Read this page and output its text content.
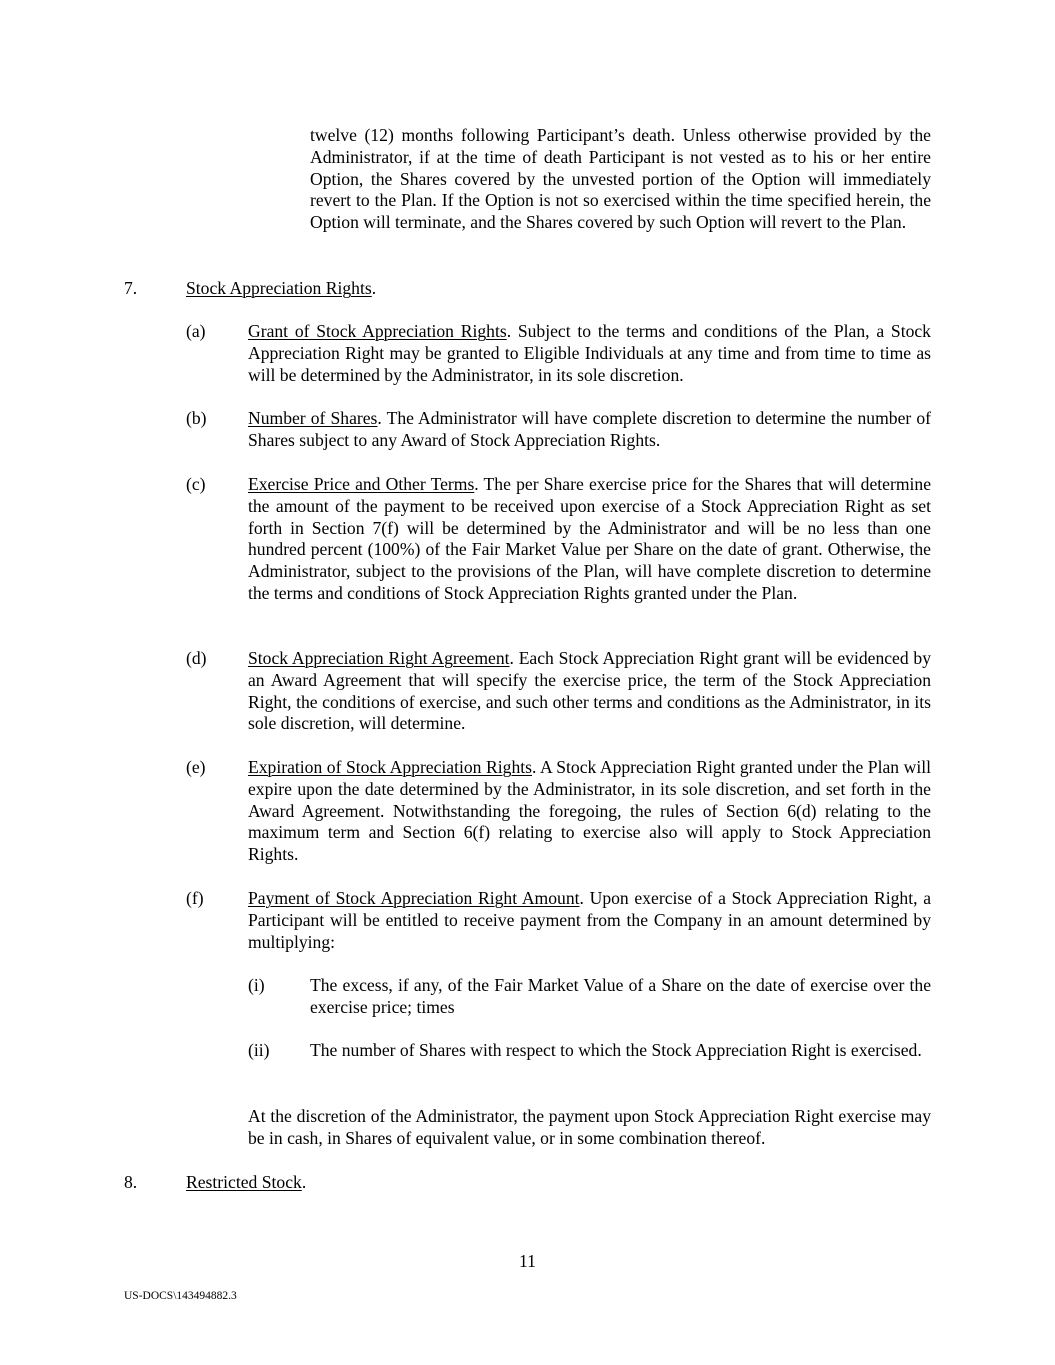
twelve (12) months following Participant’s death. Unless otherwise provided by the Administrator, if at the time of death Participant is not vested as to his or her entire Option, the Shares covered by the unvested portion of the Option will immediately revert to the Plan. If the Option is not so exercised within the time specified herein, the Option will terminate, and the Shares covered by such Option will revert to the Plan.

7.	Stock Appreciation Rights.
(a) Grant of Stock Appreciation Rights. Subject to the terms and conditions of the Plan, a Stock Appreciation Right may be granted to Eligible Individuals at any time and from time to time as will be determined by the Administrator, in its sole discretion.

(b) Number of Shares. The Administrator will have complete discretion to determine the number of Shares subject to any Award of Stock Appreciation Rights.

(c) Exercise Price and Other Terms. The per Share exercise price for the Shares that will determine the amount of the payment to be received upon exercise of a Stock Appreciation Right as set forth in Section 7(f) will be determined by the Administrator and will be no less than one hundred percent (100%) of the Fair Market Value per Share on the date of grant. Otherwise, the Administrator, subject to the provisions of the Plan, will have complete discretion to determine the terms and conditions of Stock Appreciation Rights granted under the Plan.

(d) Stock Appreciation Right Agreement. Each Stock Appreciation Right grant will be evidenced by an Award Agreement that will specify the exercise price, the term of the Stock Appreciation Right, the conditions of exercise, and such other terms and conditions as the Administrator, in its sole discretion, will determine.

(e) Expiration of Stock Appreciation Rights. A Stock Appreciation Right granted under the Plan will expire upon the date determined by the Administrator, in its sole discretion, and set forth in the Award Agreement. Notwithstanding the foregoing, the rules of Section 6(d) relating to the maximum term and Section 6(f) relating to exercise also will apply to Stock Appreciation Rights.

(f)	Payment of Stock Appreciation Right Amount. Upon exercise of a Stock Appreciation Right, a Participant will be entitled to receive payment from the Company in an amount determined by multiplying:

(i)	The excess, if any, of the Fair Market Value of a Share on the date of exercise over the exercise price; times

(ii) The number of Shares with respect to which the Stock Appreciation Right is exercised.

At the discretion of the Administrator, the payment upon Stock Appreciation Right exercise may be in cash, in Shares of equivalent value, or in some combination thereof.

8.	Restricted Stock.
11
US-DOCS\143494882.3
